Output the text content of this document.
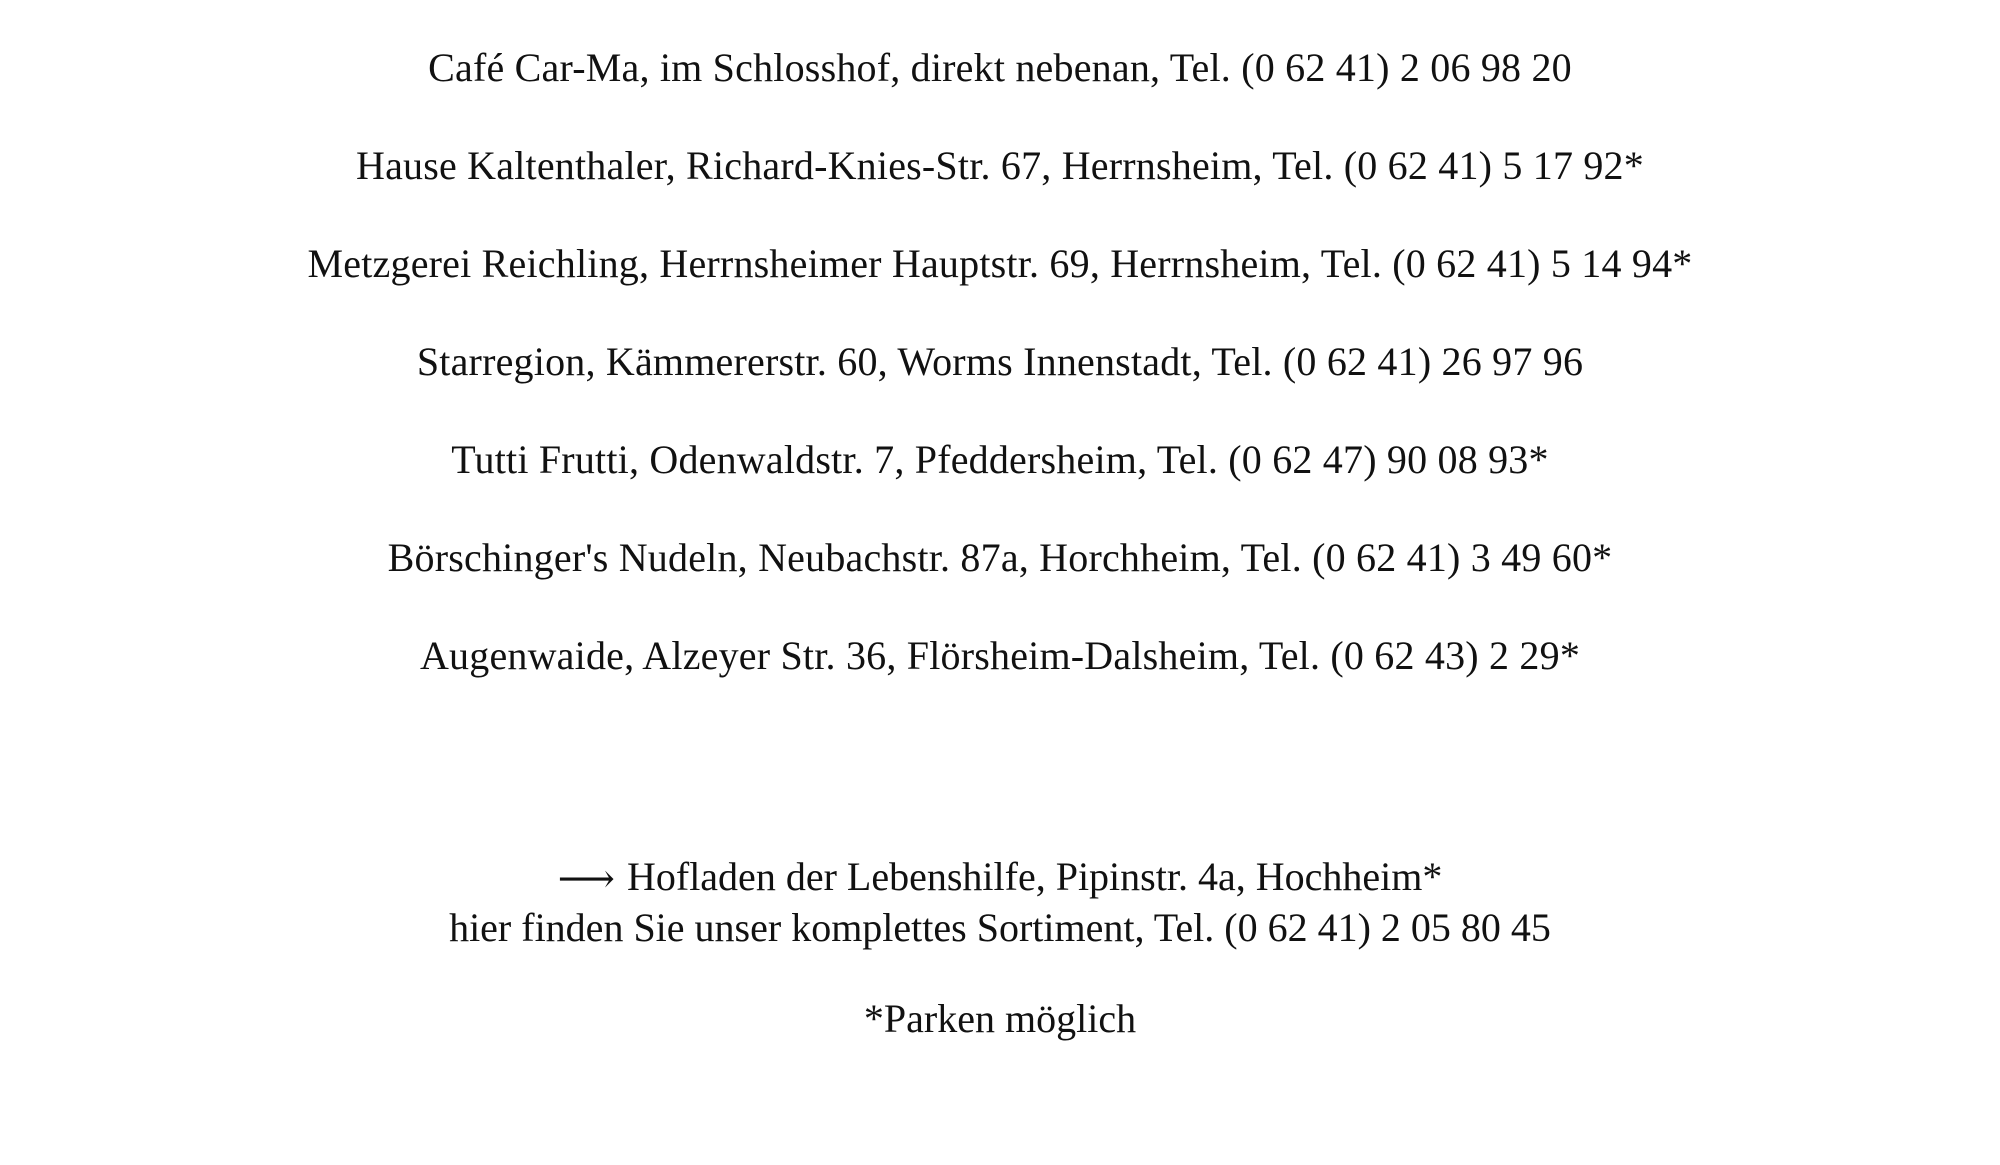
Café Car-Ma, im Schlosshof, direkt nebenan, Tel. (0 62 41) 2 06 98 20
Hause Kaltenthaler, Richard-Knies-Str. 67, Herrnsheim, Tel. (0 62 41) 5 17 92*
Metzgerei Reichling, Herrnsheimer Hauptstr. 69, Herrnsheim, Tel. (0 62 41) 5 14 94*
Starregion, Kämmererstr. 60, Worms Innenstadt, Tel. (0 62 41) 26 97 96
Tutti Frutti, Odenwaldstr. 7, Pfeddersheim, Tel. (0 62 47) 90 08 93*
Börschinger's Nudeln, Neubachstr. 87a, Horchheim, Tel. (0 62 41) 3 49 60*
Augenwaide, Alzeyer Str. 36, Flörsheim-Dalsheim, Tel. (0 62 43) 2 29*
⟶ Hofladen der Lebenshilfe, Pipinstr. 4a, Hochheim*
hier finden Sie unser komplettes Sortiment, Tel. (0 62 41) 2 05 80 45
*Parken möglich
